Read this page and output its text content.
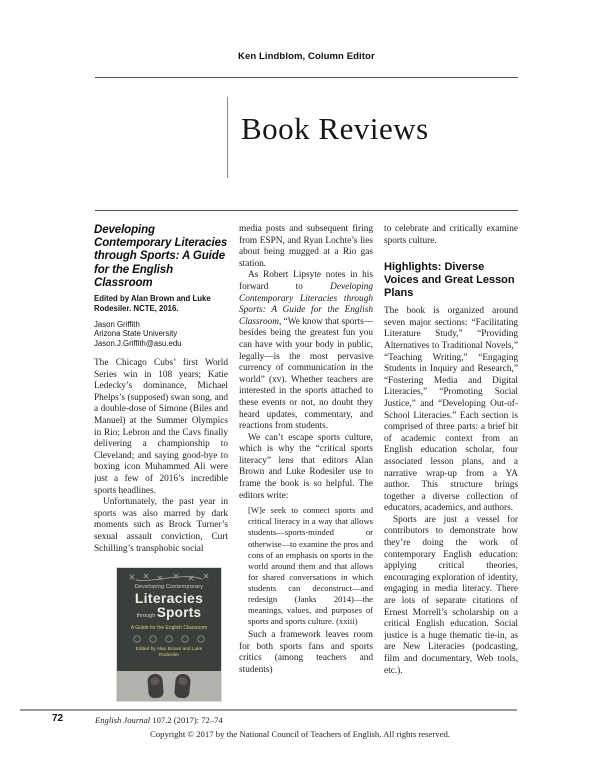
Ken Lindblom, Column Editor
Book Reviews
Developing Contemporary Literacies through Sports: A Guide for the English Classroom

Edited by Alan Brown and Luke Rodesiler. NCTE, 2016.

Jason Griffith
Arizona State University
Jason.J.Griffith@asu.edu

The Chicago Cubs’ first World Series win in 108 years; Katie Ledecky’s dominance, Michael Phelps’s (supposed) swan song, and a double-dose of Simone (Biles and Manuel) at the Summer Olympics in Rio; Lebron and the Cavs finally delivering a championship to Cleveland; and saying good-bye to boxing icon Muhammed Ali were just a few of 2016’s incredible sports headlines.

Unfortunately, the past year in sports was also marred by dark moments such as Brock Turner’s sexual assault conviction, Curt Schilling’s transphobic social

Developing Contemporary
Literacies
through Sports
A Guide for the English Classroom
Edited by Alan Brown and Luke Rodesiler

media posts and subsequent firing from ESPN, and Ryan Lochte’s lies about being mugged at a Rio gas station.

As Robert Lipsyte notes in his forward to Developing Contemporary Literacies through Sports: A Guide for the English Classroom, “We know that sports—besides being the greatest fun you can have with your body in public, legally—is the most pervasive currency of communication in the world” (xv). Whether teachers are interested in the sports attached to these events or not, no doubt they heard updates, commentary, and reactions from students.

We can’t escape sports culture, which is why the “critical sports literacy” lens that editors Alan Brown and Luke Rodesiler use to frame the book is so helpful. The editors write:

[W]e seek to connect sports and critical literacy in a way that allows students—sports-minded or otherwise—to examine the pros and cons of an emphasis on sports in the world around them and that allows for shared conversations in which students can deconstruct—and redesign (Janks 2014)—the meanings, values, and purposes of sports and sports culture. (xxiii)

Such a framework leaves room for both sports fans and sports critics (among teachers and students)

to celebrate and critically examine sports culture.

Highlights: Diverse Voices and Great Lesson Plans

The book is organized around seven major sections: “Facilitating Literature Study,” “Providing Alternatives to Traditional Novels,” “Teaching Writing,” “Engaging Students in Inquiry and Research,” “Fostering Media and Digital Literacies,” “Promoting Social Justice,” and “Developing Out-of-School Literacies.” Each section is comprised of three parts: a brief bit of academic context from an English education scholar, four associated lesson plans, and a narrative wrap-up from a YA author. This structure brings together a diverse collection of educators, academics, and authors.

Sports are just a vessel for contributors to demonstrate how they’re doing the work of contemporary English education: applying critical theories, encouraging exploration of identity, engaging in media literacy. There are lots of separate citations of Ernest Morrell’s scholarship on a critical English education. Social justice is a huge thematic tie-in, as are New Literacies (podcasting, film and documentary, Web tools, etc.).

72	English Journal 107.2 (2017): 72–74
Copyright © 2017 by the National Council of Teachers of English. All rights reserved.
